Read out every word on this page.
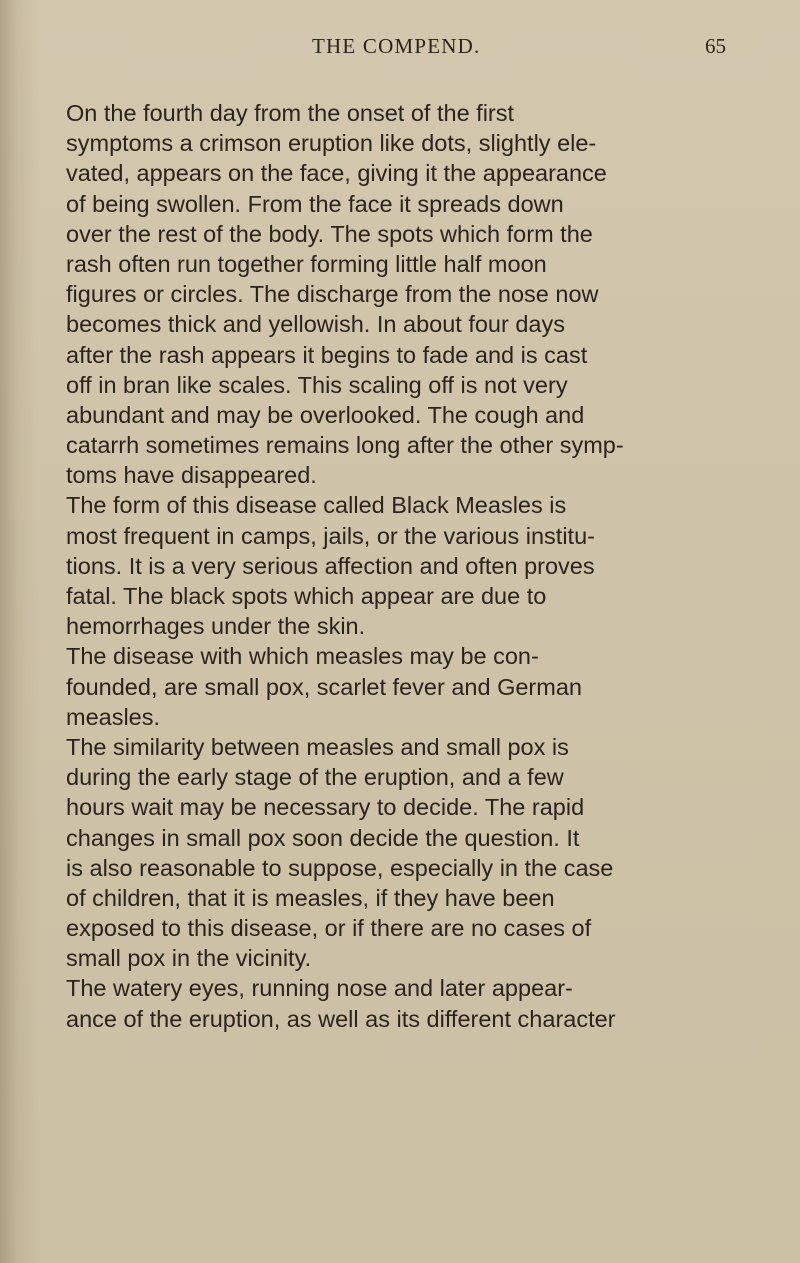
THE COMPEND.	65
On the fourth day from the onset of the first
symptoms a crimson eruption like dots, slightly ele-
vated, appears on the face, giving it the appearance
of being swollen. From the face it spreads down
over the rest of the body. The spots which form the
rash often run together forming little half moon
figures or circles. The discharge from the nose now
becomes thick and yellowish. In about four days
after the rash appears it begins to fade and is cast
off in bran like scales. This scaling off is not very
abundant and may be overlooked. The cough and
catarrh sometimes remains long after the other symp-
toms have disappeared.
The form of this disease called Black Measles is
most frequent in camps, jails, or the various institu-
tions. It is a very serious affection and often proves
fatal. The black spots which appear are due to
hemorrhages under the skin.
The disease with which measles may be con-
founded, are small pox, scarlet fever and German
measles.
The similarity between measles and small pox is
during the early stage of the eruption, and a few
hours wait may be necessary to decide. The rapid
changes in small pox soon decide the question. It
is also reasonable to suppose, especially in the case
of children, that it is measles, if they have been
exposed to this disease, or if there are no cases of
small pox in the vicinity.
The watery eyes, running nose and later appear-
ance of the eruption, as well as its different character
